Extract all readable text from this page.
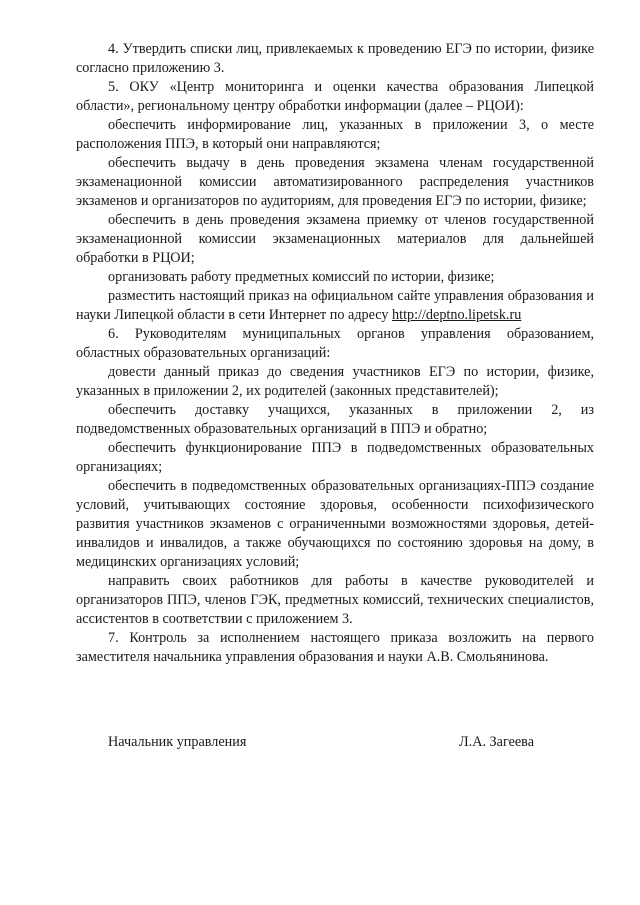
4. Утвердить списки лиц, привлекаемых к проведению ЕГЭ по истории, физике согласно приложению 3.

5. ОКУ «Центр мониторинга и оценки качества образования Липецкой области», региональному центру обработки информации (далее – РЦОИ):

обеспечить информирование лиц, указанных в приложении 3, о месте расположения ППЭ, в который они направляются;

обеспечить выдачу в день проведения экзамена членам государственной экзаменационной комиссии автоматизированного распределения участников экзаменов и организаторов по аудиториям, для проведения ЕГЭ по истории, физике;

обеспечить в день проведения экзамена приемку от членов государственной экзаменационной комиссии экзаменационных материалов для дальнейшей обработки в РЦОИ;

организовать работу предметных комиссий по истории, физике;

разместить настоящий приказ на официальном сайте управления образования и науки Липецкой области в сети Интернет по адресу http://deptno.lipetsk.ru

6. Руководителям муниципальных органов управления образованием, областных образовательных организаций:

довести данный приказ до сведения участников ЕГЭ по истории, физике, указанных в приложении 2, их родителей (законных представителей);

обеспечить доставку учащихся, указанных в приложении 2, из подведомственных образовательных организаций в ППЭ и обратно;

обеспечить функционирование ППЭ в подведомственных образовательных организациях;

обеспечить в подведомственных образовательных организациях-ППЭ создание условий, учитывающих состояние здоровья, особенности психофизического развития участников экзаменов с ограниченными возможностями здоровья, детей-инвалидов и инвалидов, а также обучающихся по состоянию здоровья на дому, в медицинских организациях условий;

направить своих работников для работы в качестве руководителей и организаторов ППЭ, членов ГЭК, предметных комиссий, технических специалистов, ассистентов в соответствии с приложением 3.

7. Контроль за исполнением настоящего приказа возложить на первого заместителя начальника управления образования и науки А.В. Смольянинова.

Начальник управления	Л.А. Загеева
